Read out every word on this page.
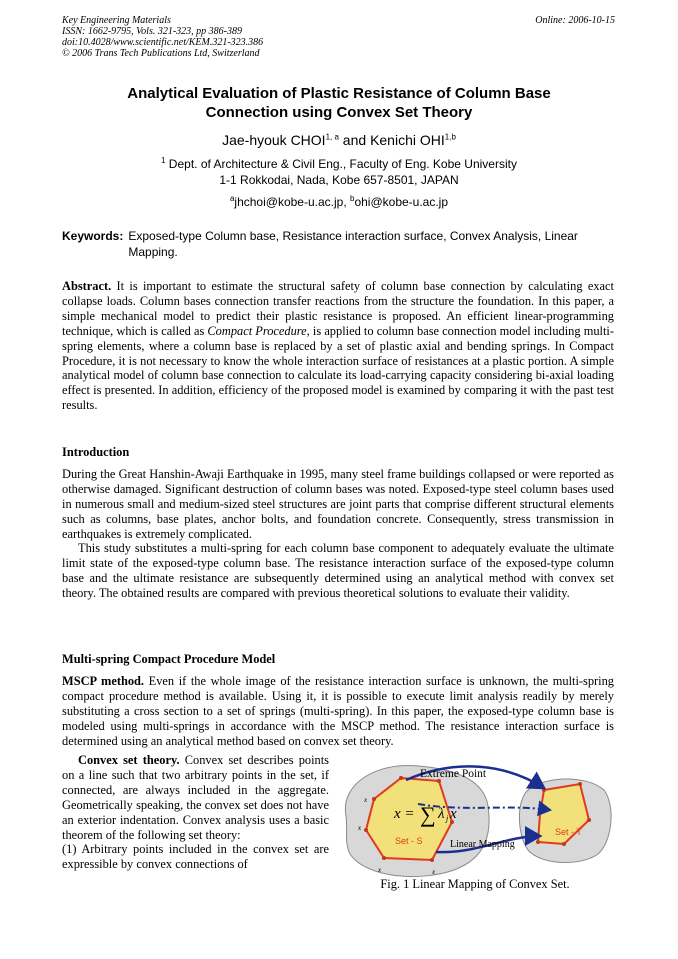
Key Engineering Materials
ISSN: 1662-9795, Vols. 321-323, pp 386-389
doi:10.4028/www.scientific.net/KEM.321-323.386
© 2006 Trans Tech Publications Ltd, Switzerland
Online: 2006-10-15
Analytical Evaluation of Plastic Resistance of Column Base
Connection using Convex Set Theory
Jae-hyouk CHOI$^{1, a}$ and Kenichi OHI$^{1,b}$
$^1$ Dept. of Architecture & Civil Eng., Faculty of Eng. Kobe University
1-1 Rokkodai, Nada, Kobe 657-8501, JAPAN
$^a$jhchoi@kobe-u.ac.jp, $^b$ohi@kobe-u.ac.jp
Keywords: Exposed-type Column base, Resistance interaction surface, Convex Analysis, Linear Mapping.

Abstract. It is important to estimate the structural safety of column base connection by calculating exact collapse loads. Column bases connection transfer reactions from the structure the foundation. In this paper, a simple mechanical model to predict their plastic resistance is proposed. An efficient linear-programming technique, which is called as Compact Procedure, is applied to column base connection model including multi-spring elements, where a column base is replaced by a set of plastic axial and bending springs. In Compact Procedure, it is not necessary to know the whole interaction surface of resistances at a plastic portion. A simple analytical model of column base connection to calculate its load-carrying capacity considering bi-axial loading effect is presented. In addition, efficiency of the proposed model is examined by comparing it with the past test results.

Introduction

During the Great Hanshin-Awaji Earthquake in 1995, many steel frame buildings collapsed or were reported as otherwise damaged. Significant destruction of column bases was noted. Exposed-type steel column bases used in numerous small and medium-sized steel structures are joint parts that comprise different structural elements such as columns, base plates, anchor bolts, and foundation concrete. Consequently, stress transmission in earthquakes is extremely complicated.

This study substitutes a multi-spring for each column base component to adequately evaluate the ultimate limit state of the exposed-type column base. The resistance interaction surface of the exposed-type column base and the ultimate resistance are subsequently determined using an analytical method with convex set theory. The obtained results are compared with previous theoretical solutions to evaluate their validity.

Multi-spring Compact Procedure Model

MSCP method. Even if the whole image of the resistance interaction surface is unknown, the multi-spring compact procedure method is available. Using it, it is possible to execute limit analysis readily by merely substituting a cross section to a set of springs (multi-spring). In this paper, the exposed-type column base is modeled using multi-springs in accordance with the MSCP method. The resistance interaction surface is determined using an analytical method based on convex set theory.

Convex set theory. Convex set describes points on a line such that two arbitrary points in the set, if connected, are always included in the aggregate. Geometrically speaking, the convex set does not have an exterior indentation. Convex analysis uses a basic theorem of the following set theory:

(1) Arbitrary points included in the convex set are expressible by convex connections of

Extreme Point
Linear Mapping
Set - S
Set - T
x = ∑ λ j x
x
x
x	x
Fig. 1 Linear Mapping of Convex Set.
